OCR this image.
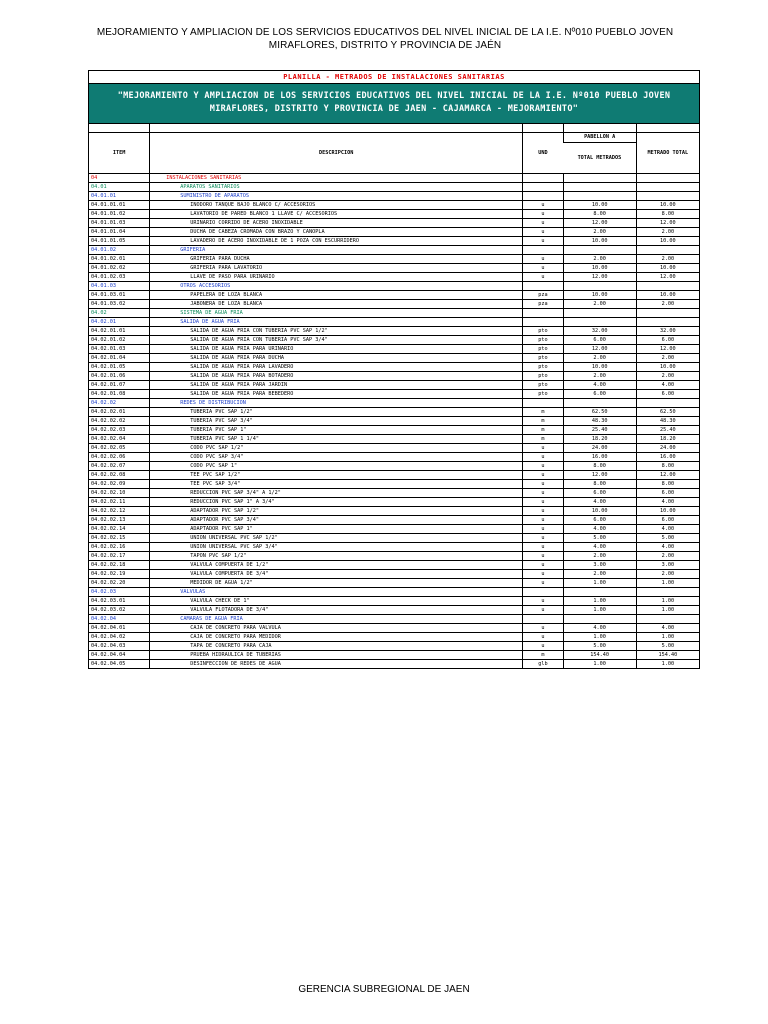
MEJORAMIENTO Y AMPLIACION DE LOS SERVICIOS EDUCATIVOS DEL NIVEL INICIAL DE LA I.E. Nº010 PUEBLO JOVEN
MIRAFLORES, DISTRITO Y PROVINCIA DE JAÉN
PLANILLA - METRADOS DE INSTALACIONES SANITARIAS
"MEJORAMIENTO Y AMPLIACION DE LOS SERVICIOS EDUCATIVOS DEL NIVEL INICIAL DE LA I.E. Nº010 PUEBLO JOVEN MIRAFLORES, DISTRITO Y PROVINCIA DE JAEN - CAJAMARCA - MEJORAMIENTO"

ITEM	DESCRIPCION	UND	PABELLON A	METRADO TOTAL
			TOTAL METRADOS	
04	INSTALACIONES SANITARIAS			
04.01	APARATOS SANITARIOS			
04.01.01	SUMINISTRO DE APARATOS			
04.01.01.01	INODORO TANQUE BAJO BLANCO C/ ACCESORIOS	u	10.00	10.00
04.01.01.02	LAVATORIO DE PARED BLANCO 1 LLAVE C/ ACCESORIOS	u	8.00	8.00
04.01.01.03	URINARIO CORRIDO DE ACERO INOXIDABLE	u	12.00	12.00
04.01.01.04	DUCHA DE CABEZA CROMADA CON BRAZO Y CANOPLA	u	2.00	2.00
04.01.01.05	LAVADERO DE ACERO INOXIDABLE DE 1 POZA CON ESCURRIDERO	u	10.00	10.00
04.01.02	GRIFERIA			
04.01.02.01	GRIFERIA PARA DUCHA	u	2.00	2.00
04.01.02.02	GRIFERIA PARA LAVATORIO	u	10.00	10.00
04.01.02.03	LLAVE DE PASO PARA URINARIO	u	12.00	12.00
04.01.03	OTROS ACCESORIOS			
04.01.03.01	PAPELERA DE LOZA BLANCA	pza	10.00	10.00
04.01.03.02	JABONERA DE LOZA BLANCA	pza	2.00	2.00
04.02	SISTEMA DE AGUA FRIA			
04.02.01	SALIDA DE AGUA FRIA			
04.02.01.01	SALIDA DE AGUA FRIA CON TUBERIA PVC SAP 1/2"	pto	32.00	32.00
04.02.01.02	SALIDA DE AGUA FRIA CON TUBERIA PVC SAP 3/4"	pto	6.00	6.00
04.02.01.03	SALIDA DE AGUA FRIA PARA URINARIO	pto	12.00	12.00
04.02.01.04	SALIDA DE AGUA FRIA PARA DUCHA	pto	2.00	2.00
04.02.01.05	SALIDA DE AGUA FRIA PARA LAVADERO	pto	10.00	10.00
04.02.01.06	SALIDA DE AGUA FRIA PARA BOTADERO	pto	2.00	2.00
04.02.01.07	SALIDA DE AGUA FRIA PARA JARDIN	pto	4.00	4.00
04.02.01.08	SALIDA DE AGUA FRIA PARA BEBEDERO	pto	6.00	6.00
04.02.02	REDES DE DISTRIBUCION			
04.02.02.01	TUBERIA PVC SAP 1/2"	m	62.50	62.50
04.02.02.02	TUBERIA PVC SAP 3/4"	m	48.30	48.30
04.02.02.03	TUBERIA PVC SAP 1"	m	25.40	25.40
04.02.02.04	TUBERIA PVC SAP 1 1/4"	m	18.20	18.20
04.02.02.05	CODO PVC SAP 1/2"	u	24.00	24.00
04.02.02.06	CODO PVC SAP 3/4"	u	16.00	16.00
04.02.02.07	CODO PVC SAP 1"	u	8.00	8.00
04.02.02.08	TEE PVC SAP 1/2"	u	12.00	12.00
04.02.02.09	TEE PVC SAP 3/4"	u	8.00	8.00
04.02.02.10	REDUCCION PVC SAP 3/4" A 1/2"	u	6.00	6.00
04.02.02.11	REDUCCION PVC SAP 1" A 3/4"	u	4.00	4.00
04.02.02.12	ADAPTADOR PVC SAP 1/2"	u	10.00	10.00
04.02.02.13	ADAPTADOR PVC SAP 3/4"	u	6.00	6.00
04.02.02.14	ADAPTADOR PVC SAP 1"	u	4.00	4.00
04.02.02.15	UNION UNIVERSAL PVC SAP 1/2"	u	5.00	5.00
04.02.02.16	UNION UNIVERSAL PVC SAP 3/4"	u	4.00	4.00
04.02.02.17	TAPON PVC SAP 1/2"	u	2.00	2.00
04.02.02.18	VALVULA COMPUERTA DE 1/2"	u	3.00	3.00
04.02.02.19	VALVULA COMPUERTA DE 3/4"	u	2.00	2.00
04.02.02.20	MEDIDOR DE AGUA 1/2"	u	1.00	1.00
04.02.03	VALVULAS			
04.02.03.01	VALVULA CHECK DE 1"	u	1.00	1.00
04.02.03.02	VALVULA FLOTADORA DE 3/4"	u	1.00	1.00
04.02.04	CAMARAS DE AGUA FRIA			
04.02.04.01	CAJA DE CONCRETO PARA VALVULA	u	4.00	4.00
04.02.04.02	CAJA DE CONCRETO PARA MEDIDOR	u	1.00	1.00
04.02.04.03	TAPA DE CONCRETO PARA CAJA	u	5.00	5.00
04.02.04.04	PRUEBA HIDRAULICA DE TUBERIAS	m	154.40	154.40
04.02.04.05	DESINFECCION DE REDES DE AGUA	glb	1.00	1.00
GERENCIA SUBREGIONAL DE JAEN
